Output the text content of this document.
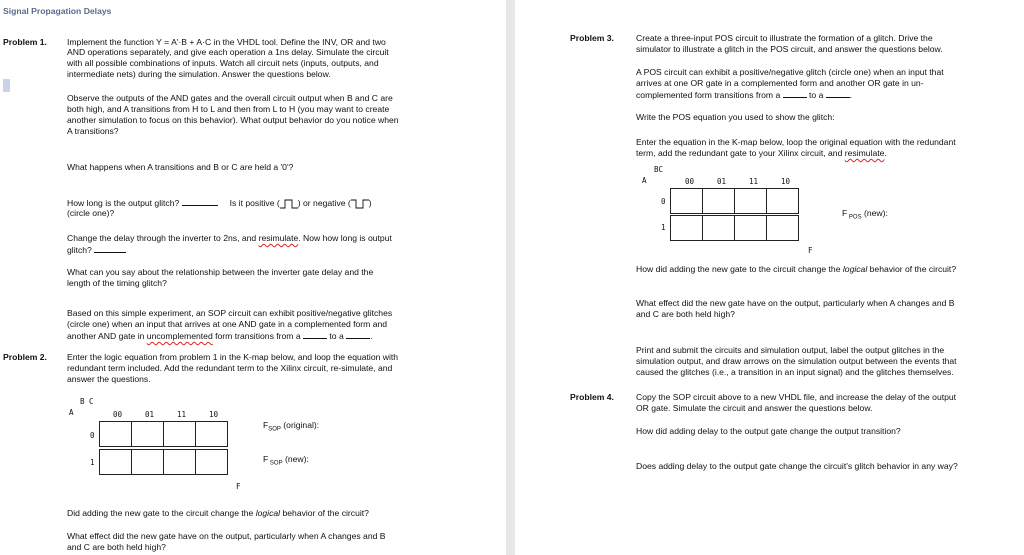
Signal Propagation Delays

Problem 1. Implement the function Y = A'·B + A·C in the VHDL tool. Define the INV, OR and two

AND operations separately, and give each operation a 1ns delay. Simulate the circuit

with all possible combinations of inputs. Watch all circuit nets (inputs, outputs, and

intermediate nets) during the simulation. Answer the questions below.

Observe the outputs of the AND gates and the overall circuit output when B and C are

both high, and A transitions from H to L and then from L to H (you may want to create

another simulation to focus on this behavior). What output behavior do you notice when

A transitions?

What happens when A transitions and B or C are held a '0'?

How long is the output glitch?	Is it positive ( ) or negative ( )

(circle one)?

Change the delay through the inverter to 2ns, and resimulate. Now how long is output

glitch?

What can you say about the relationship between the inverter gate delay and the

length of the timing glitch?

Based on this simple experiment, an SOP circuit can exhibit positive/negative glitches

(circle one) when an input that arrives at one AND gate in a complemented form and

another AND gate in uncomplemented form transitions from a	to a	.

Problem 2. Enter the logic equation from problem 1 in the K-map below, and loop the equation with

redundant term included. Add the redundant term to the Xilinx circuit, re-simulate, and

answer the questions.

B C
A	00	01	11	10
0
1
F

$F_{SOP}$ (original):

F $_{SOP}$ (new):

Did adding the new gate to the circuit change the logical behavior of the circuit?

What effect did the new gate have on the output, particularly when A changes and B

and C are both held high?

Problem 3.	Create a three-input POS circuit to illustrate the formation of a glitch. Drive the

simulator to illustrate a glitch in the POS circuit, and answer the questions below.

A POS circuit can exhibit a positive/negative glitch (circle one) when an input that

arrives at one OR gate in a complemented form and another OR gate in un-

complemented form transitions from a	to a	.

Write the POS equation you used to show the glitch:

Enter the equation in the K-map below, loop the original equation with the redundant

term, add the redundant gate to your Xilinx circuit, and resimulate.

BC
A	00	01	11	10
0
1
F

F $_{POS}$ (new):

How did adding the new gate to the circuit change the logical behavior of the circuit?

What effect did the new gate have on the output, particularly when A changes and B

and C are both held high?

Print and submit the circuits and simulation output, label the output glitches in the

simulation output, and draw arrows on the simulation output between the events that

caused the glitches (i.e., a transition in an input signal) and the glitches themselves.

Problem 4.	Copy the SOP circuit above to a new VHDL file, and increase the delay of the output

OR gate. Simulate the circuit and answer the questions below.

How did adding delay to the output gate change the output transition?

Does adding delay to the output gate change the circuit's glitch behavior in any way?
